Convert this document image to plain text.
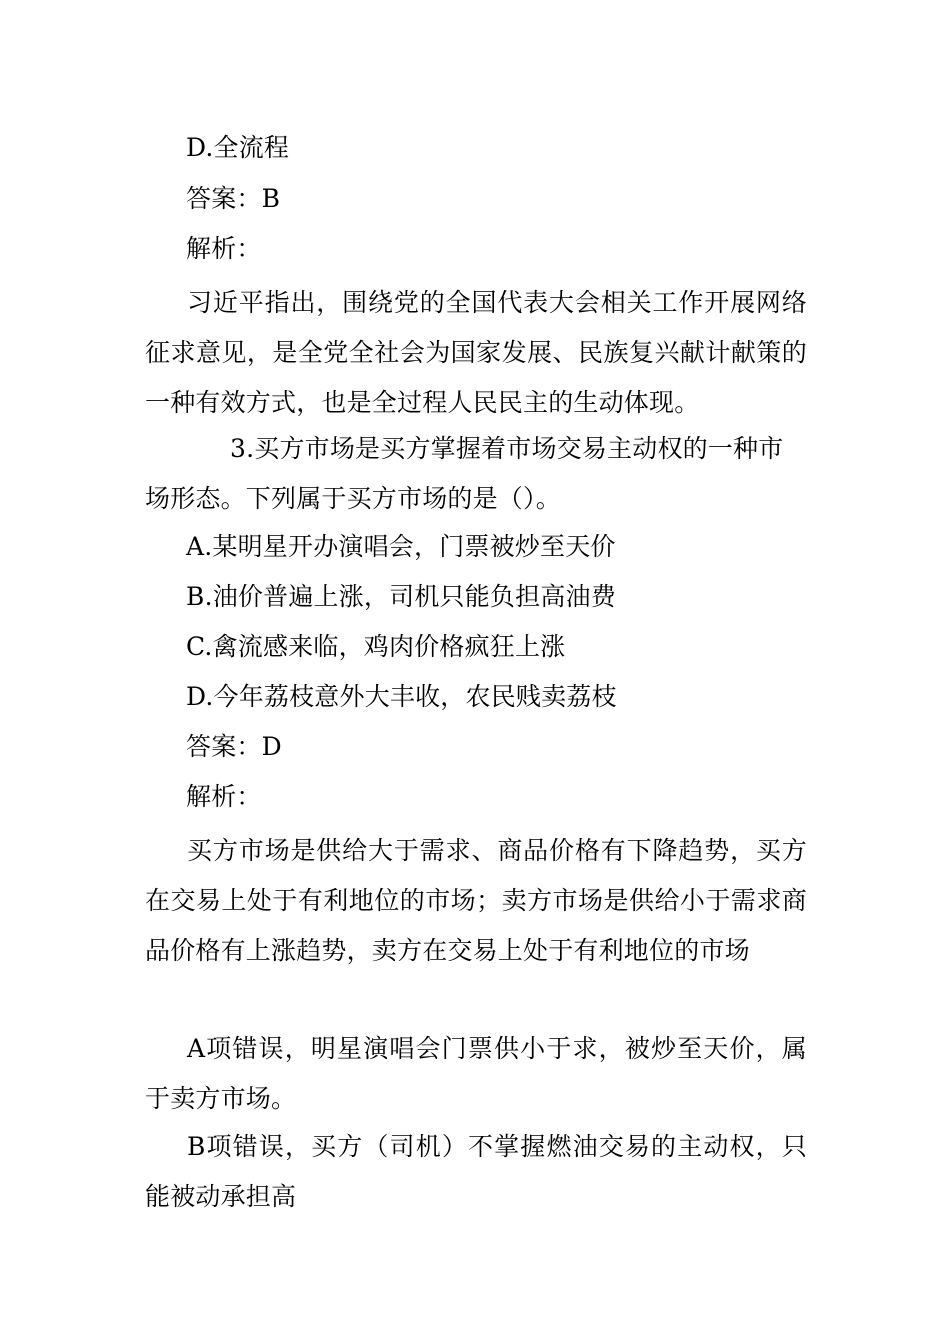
D.全流程
答案：B
解析：

习近平指出，围绕党的全国代表大会相关工作开展网络征求意见，是全党全社会为国家发展、民族复兴献计献策的一种有效方式，也是全过程人民民主的生动体现。

3.买方市场是买方掌握着市场交易主动权的一种市
场形态。下列属于买方市场的是（）。
A.某明星开办演唱会，门票被炒至天价
B.油价普遍上涨，司机只能负担高油费
C.禽流感来临，鸡肉价格疯狂上涨
D.今年荔枝意外大丰收，农民贱卖荔枝
答案：D
解析：

买方市场是供给大于需求、商品价格有下降趋势，买方在交易上处于有利地位的市场；卖方市场是供给小于需求商品价格有上涨趋势，卖方在交易上处于有利地位的市场

A项错误，明星演唱会门票供小于求，被炒至天价，属于卖方市场。

B项错误，买方（司机）不掌握燃油交易的主动权，只能被动承担高
